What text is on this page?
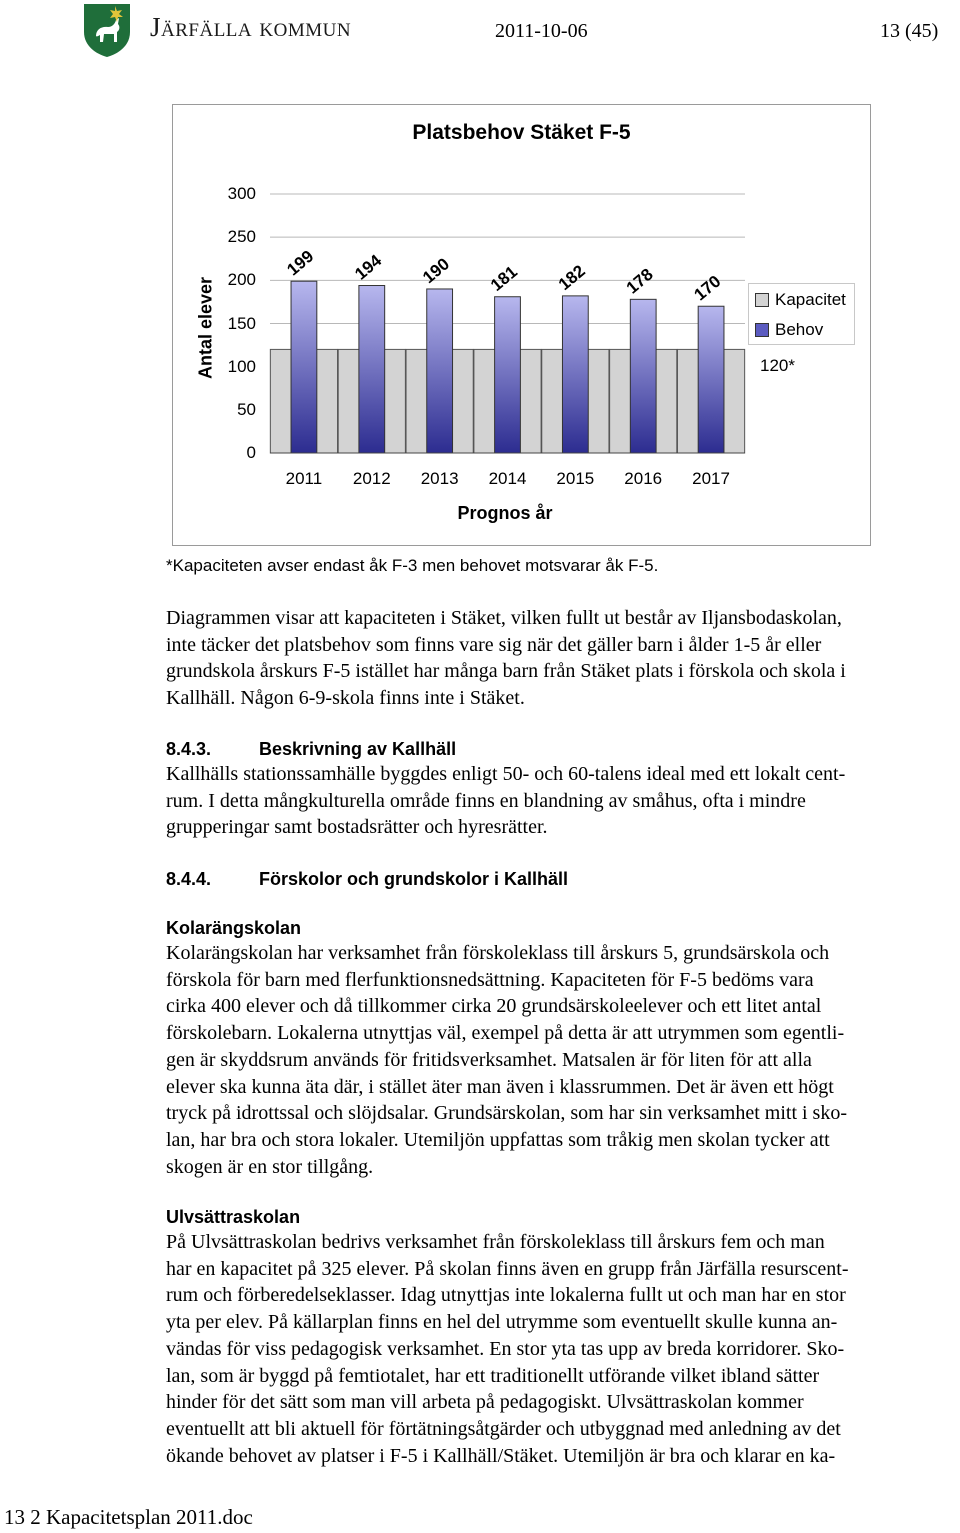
Järfälla kommun	2011-10-06	13 (45)
Platsbehov Stäket F-5
Antal elever
199 194 190 181 182 178 170
0
50
100
150
200
250
300
2011	2012	2013	2014	2015	2016	2017
Prognos år
Kapacitet
Behov
120*
*Kapaciteten avser endast åk F-3 men behovet motsvarar åk F-5.
Diagrammen visar att kapaciteten i Stäket, vilken fullt ut består av Iljansbodaskolan,
inte täcker det platsbehov som finns vare sig när det gäller barn i ålder 1-5 år eller
grundskola årskurs F-5 istället har många barn från Stäket plats i förskola och skola i
Kallhäll. Någon 6-9-skola finns inte i Stäket.
8.4.3.	Beskrivning av Kallhäll
Kallhälls stationssamhälle byggdes enligt 50- och 60-talens ideal med ett lokalt cent-
rum. I detta mångkulturella område finns en blandning av småhus, ofta i mindre
grupperingar samt bostadsrätter och hyresrätter.
8.4.4.	Förskolor och grundskolor i Kallhäll
Kolarängskolan
Kolarängskolan har verksamhet från förskoleklass till årskurs 5, grundsärskola och
förskola för barn med flerfunktionsnedsättning. Kapaciteten för F-5 bedöms vara
cirka 400 elever och då tillkommer cirka 20 grundsärskoleelever och ett litet antal
förskolebarn. Lokalerna utnyttjas väl, exempel på detta är att utrymmen som egentli-
gen är skyddsrum används för fritidsverksamhet. Matsalen är för liten för att alla
elever ska kunna äta där, i stället äter man även i klassrummen. Det är även ett högt
tryck på idrottssal och slöjdsalar. Grundsärskolan, som har sin verksamhet mitt i sko-
lan, har bra och stora lokaler. Utemiljön uppfattas som tråkig men skolan tycker att
skogen är en stor tillgång.
Ulvsättraskolan
På Ulvsättraskolan bedrivs verksamhet från förskoleklass till årskurs fem och man
har en kapacitet på 325 elever. På skolan finns även en grupp från Järfälla resurscent-
rum och förberedelseklasser. Idag utnyttjas inte lokalerna fullt ut och man har en stor
yta per elev. På källarplan finns en hel del utrymme som eventuellt skulle kunna an-
vändas för viss pedagogisk verksamhet. En stor yta tas upp av breda korridorer. Sko-
lan, som är byggd på femtiotalet, har ett traditionellt utförande vilket ibland sätter
hinder för det sätt som man vill arbeta på pedagogiskt. Ulvsättraskolan kommer
eventuellt att bli aktuell för förtätningsåtgärder och utbyggnad med anledning av det
ökande behovet av platser i F-5 i Kallhäll/Stäket. Utemiljön är bra och klarar en ka-
13 2 Kapacitetsplan 2011.doc
